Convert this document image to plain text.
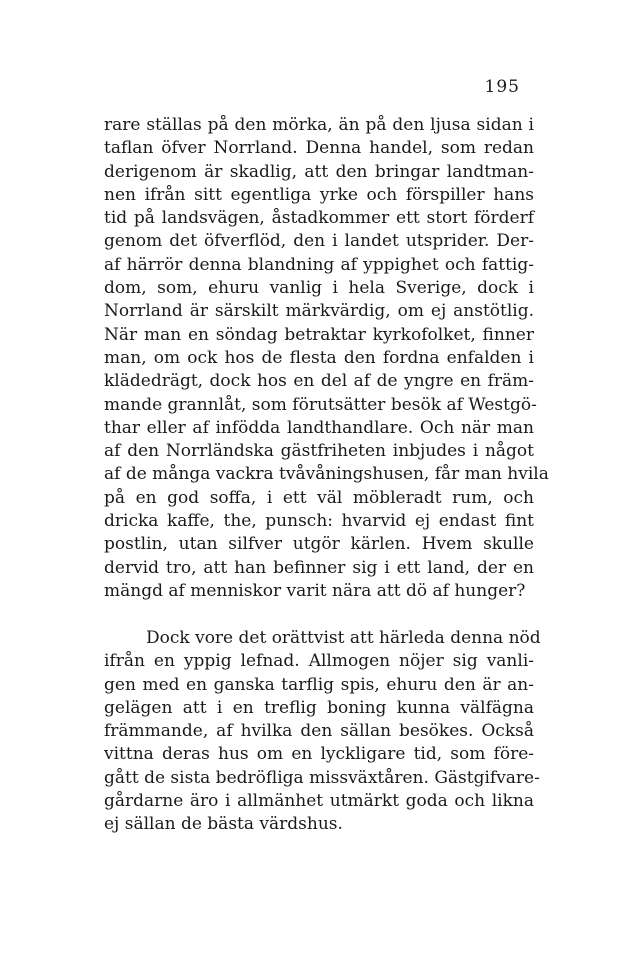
195
rare ställas på den mörka, än på den ljusa sidan i
taflan öfver Norrland. Denna handel, som redan
derigenom är skadlig, att den bringar landtman-
nen ifrån sitt egentliga yrke och förspiller hans
tid på landsvägen, åstadkommer ett stort förderf
genom det öfverflöd, den i landet utsprider. Der-
af härrör denna blandning af yppighet och fattig-
dom, som, ehuru vanlig i hela Sverige, dock i
Norrland är särskilt märkvärdig, om ej anstötlig.
När man en söndag betraktar kyrkofolket, finner
man, om ock hos de flesta den fordna enfalden i
klädedrägt, dock hos en del af de yngre en främ-
mande grannlåt, som förutsätter besök af Westgö-
thar eller af infödda landthandlare. Och när man
af den Norrländska gästfriheten inbjudes i något
af de många vackra tvåvåningshusen, får man hvila
på en god soffa, i ett väl möbleradt rum, och
dricka kaffe, the, punsch: hvarvid ej endast fint
postlin, utan silfver utgör kärlen. Hvem skulle
dervid tro, att han befinner sig i ett land, der en
mängd af menniskor varit nära att dö af hunger?
Dock vore det orättvist att härleda denna nöd
ifrån en yppig lefnad. Allmogen nöjer sig vanli-
gen med en ganska tarflig spis, ehuru den är an-
gelägen att i en treflig boning kunna välfägna
främmande, af hvilka den sällan besökes. Också
vittna deras hus om en lyckligare tid, som före-
gått de sista bedröfliga missväxtåren. Gästgifvare-
gårdarne äro i allmänhet utmärkt goda och likna
ej sällan de bästa värdshus.
